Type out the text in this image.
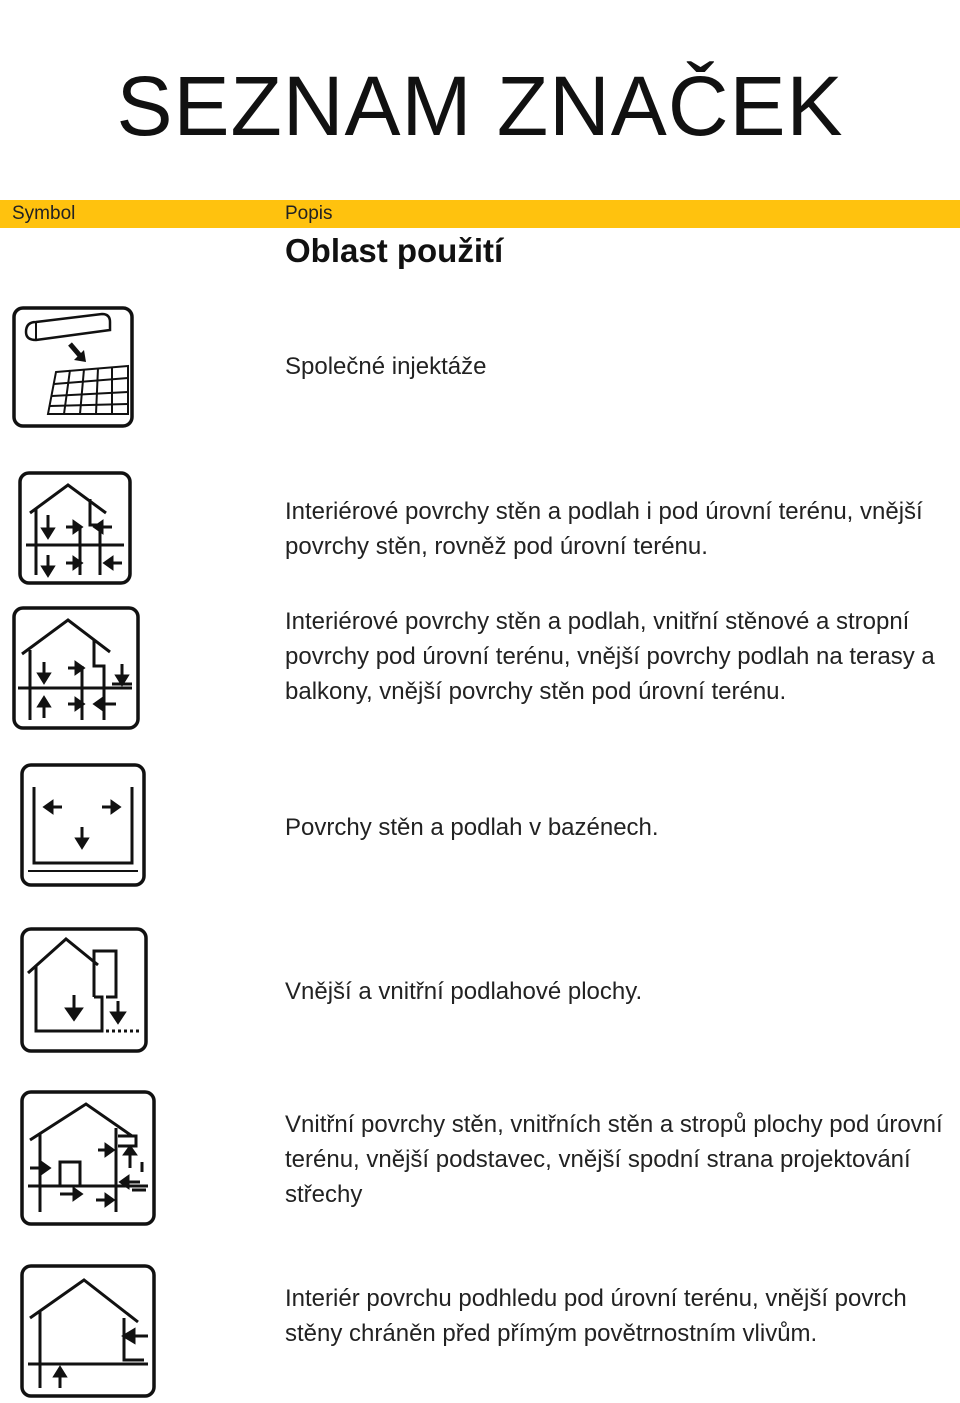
SEZNAM ZNAČEK
Symbol	Popis
Oblast použití
Společné injektáže
Interiérové povrchy stěn a podlah i pod úrovní terénu, vnější povrchy stěn, rovněž pod úrovní terénu.
Interiérové povrchy stěn a podlah, vnitřní stěnové a stropní povrchy pod úrovní terénu, vnější povrchy podlah na terasy a balkony, vnější povrchy stěn pod úrovní terénu.
Povrchy stěn a podlah v bazénech.
Vnější a vnitřní podlahové plochy.
Vnitřní povrchy stěn, vnitřních stěn a stropů plochy pod úrovní terénu, vnější podstavec, vnější spodní strana projektování střechy
Interiér povrchu podhledu pod úrovní terénu, vnější povrch stěny chráněn před přímým povětrnostním vlivům.
